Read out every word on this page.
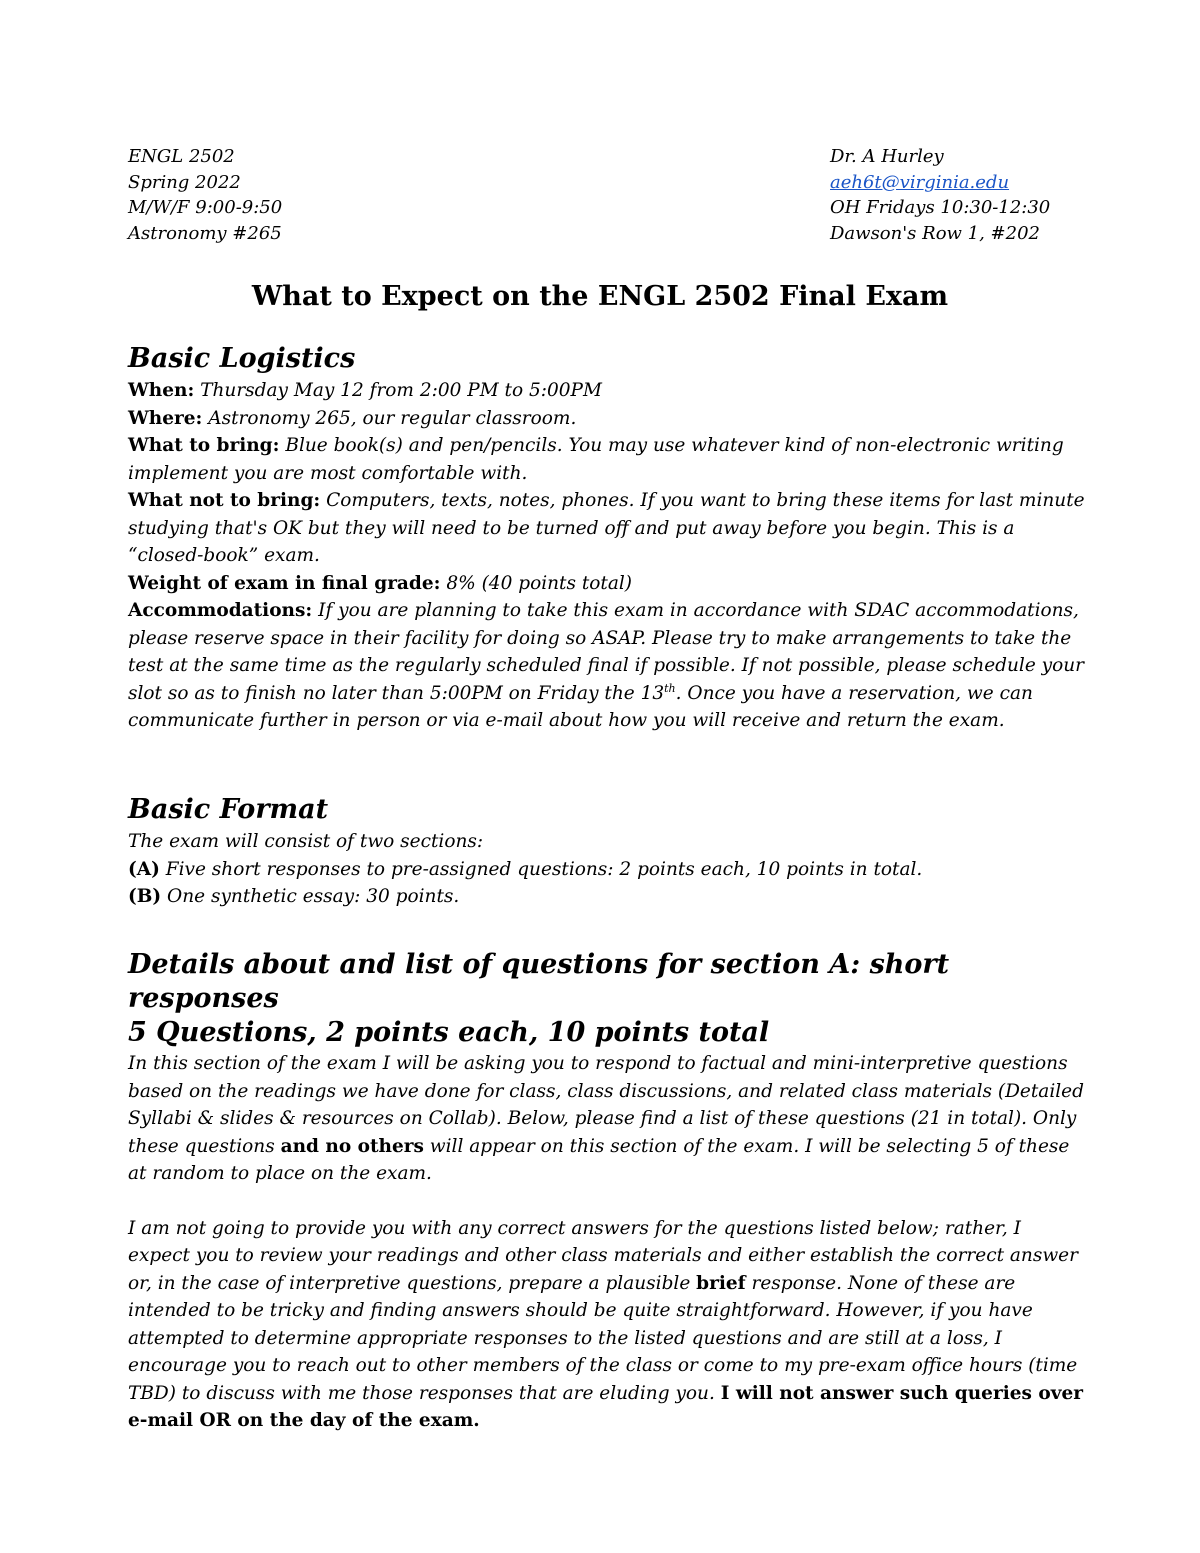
ENGL 2502
Spring 2022
M/W/F 9:00-9:50
Astronomy #265
Dr. A Hurley
aeh6t@virginia.edu
OH Fridays 10:30-12:30
Dawson's Row 1, #202
What to Expect on the ENGL 2502 Final Exam
Basic Logistics
When: Thursday May 12 from 2:00 PM to 5:00PM
Where: Astronomy 265, our regular classroom.
What to bring: Blue book(s) and pen/pencils. You may use whatever kind of non-electronic writing implement you are most comfortable with.
What not to bring: Computers, texts, notes, phones. If you want to bring these items for last minute studying that's OK but they will need to be turned off and put away before you begin. This is a “closed-book” exam.
Weight of exam in final grade: 8% (40 points total)
Accommodations: If you are planning to take this exam in accordance with SDAC accommodations, please reserve space in their facility for doing so ASAP. Please try to make arrangements to take the test at the same time as the regularly scheduled final if possible. If not possible, please schedule your slot so as to finish no later than 5:00PM on Friday the 13th. Once you have a reservation, we can communicate further in person or via e-mail about how you will receive and return the exam.
Basic Format
The exam will consist of two sections:
(A) Five short responses to pre-assigned questions: 2 points each, 10 points in total.
(B) One synthetic essay: 30 points.
Details about and list of questions for section A: short responses
5 Questions, 2 points each, 10 points total
In this section of the exam I will be asking you to respond to factual and mini-interpretive questions based on the readings we have done for class, class discussions, and related class materials (Detailed Syllabi & slides & resources on Collab). Below, please find a list of these questions (21 in total). Only these questions and no others will appear on this section of the exam. I will be selecting 5 of these at random to place on the exam.
I am not going to provide you with any correct answers for the questions listed below; rather, I expect you to review your readings and other class materials and either establish the correct answer or, in the case of interpretive questions, prepare a plausible brief response. None of these are intended to be tricky and finding answers should be quite straightforward. However, if you have attempted to determine appropriate responses to the listed questions and are still at a loss, I encourage you to reach out to other members of the class or come to my pre-exam office hours (time TBD) to discuss with me those responses that are eluding you. I will not answer such queries over e-mail OR on the day of the exam.
